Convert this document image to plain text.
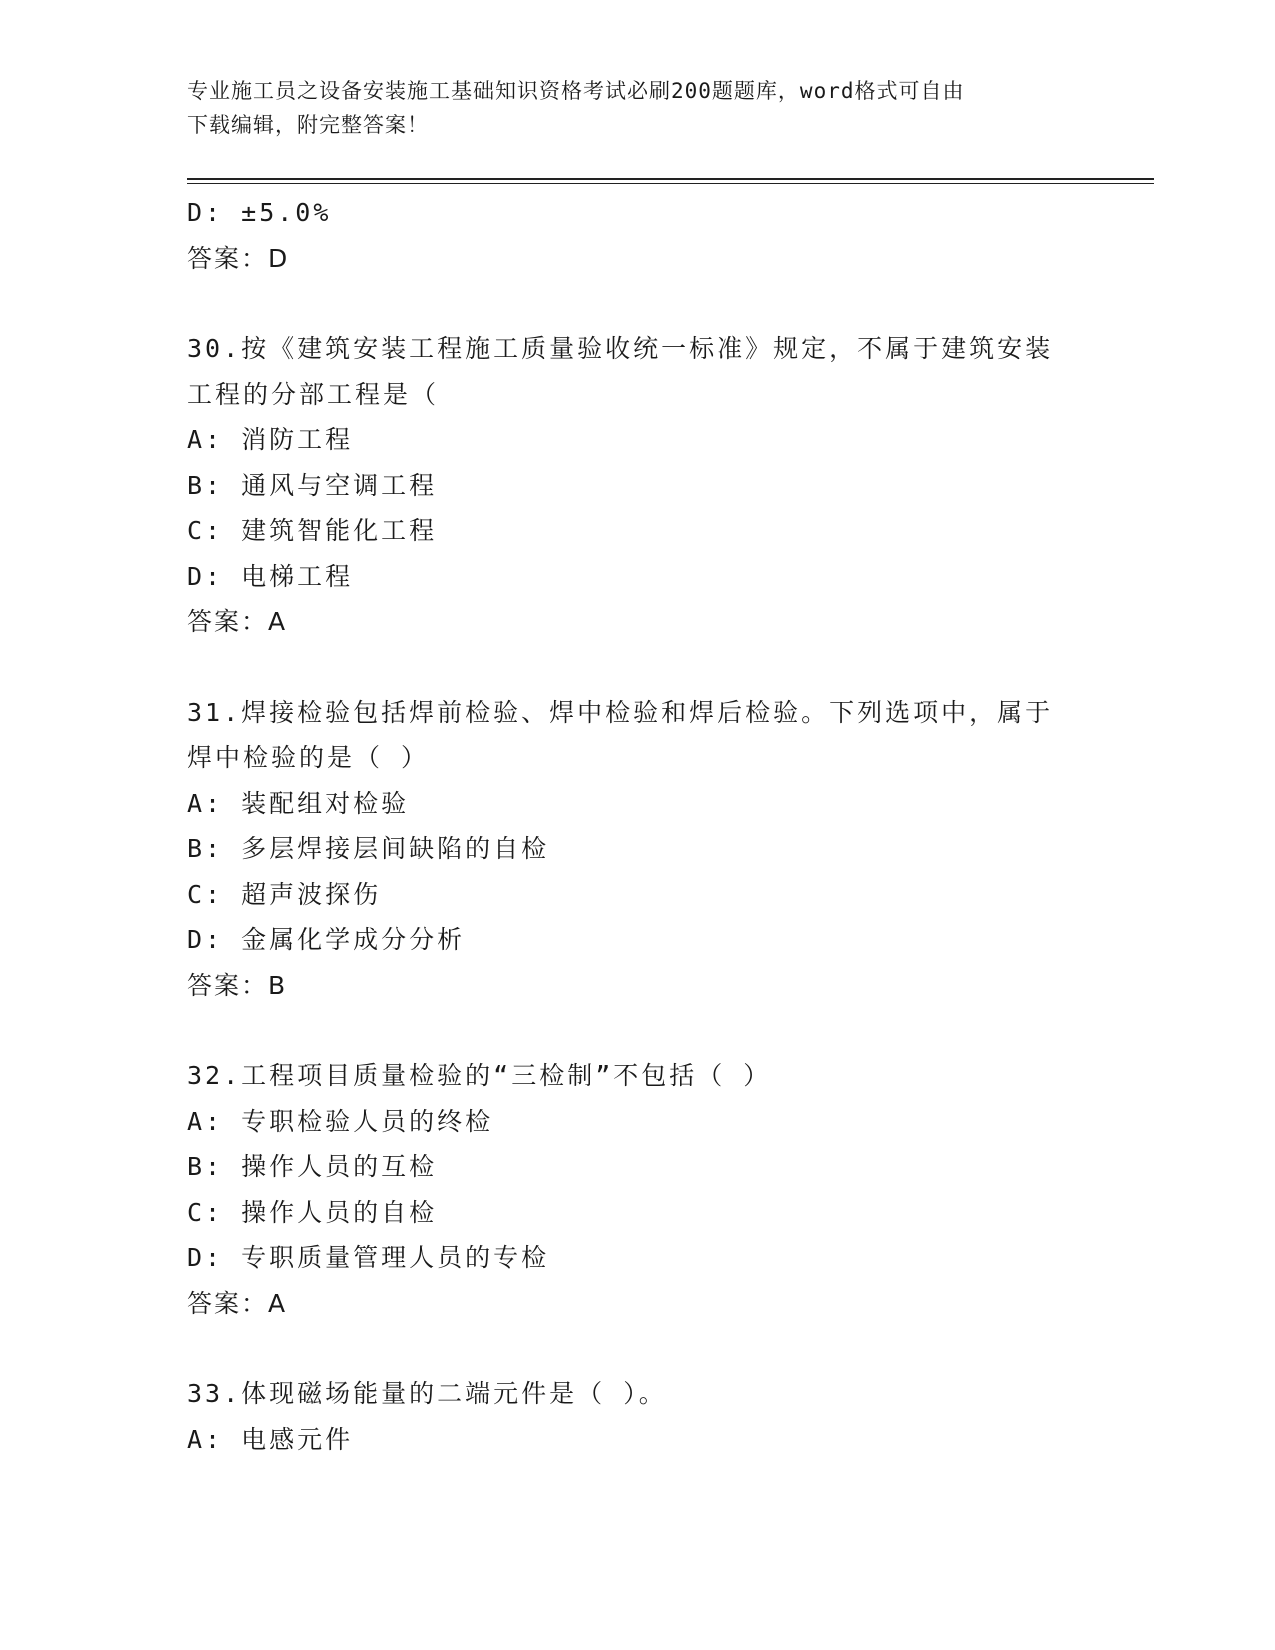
专业施工员之设备安装施工基础知识资格考试必刷200题题库，word格式可自由
下载编辑，附完整答案！
D: ±5.0%
答案：D
30.按《建筑安装工程施工质量验收统一标准》规定，不属于建筑安装
工程的分部工程是（
A: 消防工程
B: 通风与空调工程
C: 建筑智能化工程
D: 电梯工程
答案：A
31.焊接检验包括焊前检验、焊中检验和焊后检验。下列选项中，属于
焊中检验的是（ ）
A: 装配组对检验
B: 多层焊接层间缺陷的自检
C: 超声波探伤
D: 金属化学成分分析
答案：B
32.工程项目质量检验的“三检制”不包括（ ）
A: 专职检验人员的终检
B: 操作人员的互检
C: 操作人员的自检
D: 专职质量管理人员的专检
答案：A
33.体现磁场能量的二端元件是（ ）。
A: 电感元件
